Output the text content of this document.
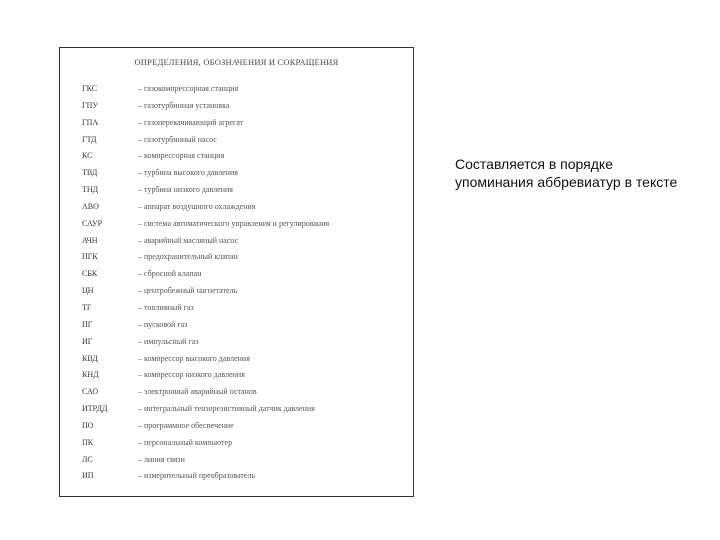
ОПРЕДЕЛЕНИЯ, ОБОЗНАЧЕНИЯ И СОКРАЩЕНИЯ
ГКС	– газокомпрессорная станция
ГПУ	– газотурбинная установка
ГПА	– газоперекачивающий агрегат
ГТД	– газотурбинный насос
КС	– компрессорная станция
ТВД	– турбина высокого давления
ТНД	– турбина низкого давления
АВО	– аппарат воздушного охлаждения
САУР	– система автоматического управления и регулирования
АЧН	– аварийный масляный насос
ПГК	– предохранительный клапан
СБК	– сбросной клапан
ЦН	– центробежный нагнетатель
ТГ	– топливный газ
ПГ	– пусковой газ
ИГ	– импульсный газ
КВД	– компрессор высокого давления
КНД	– компрессор низкого давления
САО	– электронный аварийный останов
ИТРДД	– интегральный тензорезистивный датчик давления
ПО	– программное обеспечение
ПК	– персональный компьютер
ЛС	– линия связи
ИП	– измерительный преобразователь
Составляется в порядке упоминания аббревиатур в тексте
